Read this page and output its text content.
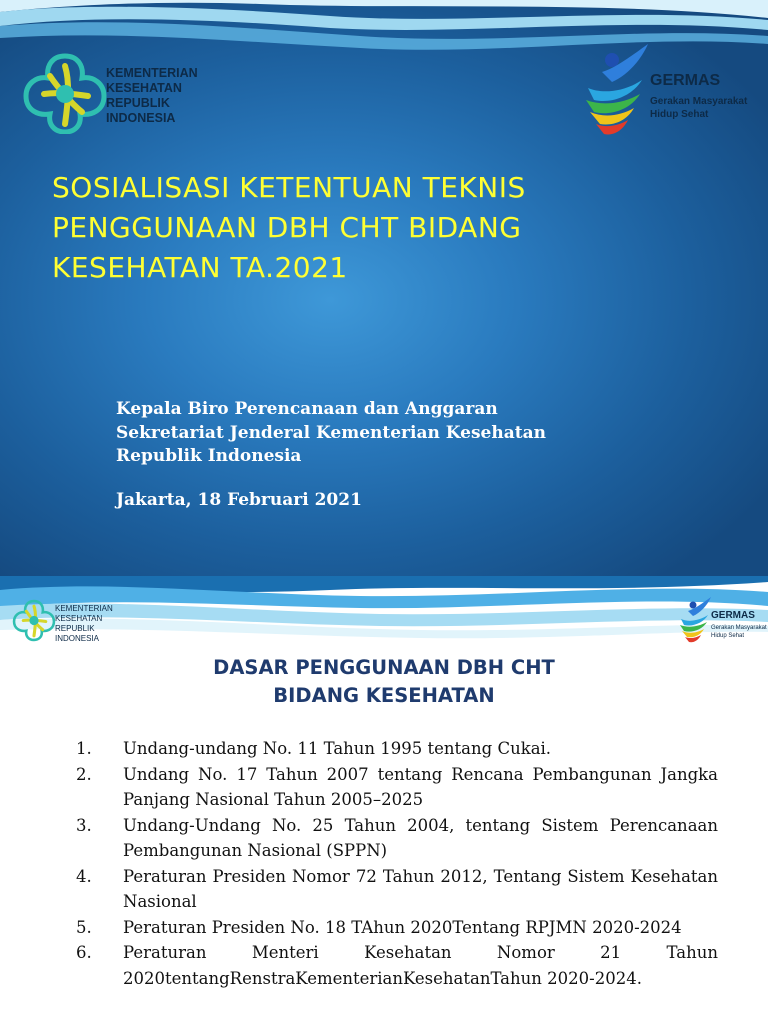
KEMENTERIAN
KESEHATAN
REPUBLIK
INDONESIA
GERMAS
Gerakan Masyarakat
Hidup Sehat
SOSIALISASI KETENTUAN TEKNIS
PENGGUNAAN DBH CHT BIDANG
KESEHATAN TA.2021
Kepala Biro Perencanaan dan Anggaran
Sekretariat Jenderal Kementerian Kesehatan
Republik Indonesia
Jakarta, 18 Februari 2021
KEMENTERIAN
KESEHATAN
REPUBLIK
INDONESIA
GERMAS
Gerakan Masyarakat
Hidup Sehat
DASAR PENGGUNAAN DBH CHT
BIDANG KESEHATAN
1. Undang-undang No. 11 Tahun 1995 tentang Cukai.
2. Undang No. 17 Tahun 2007 tentang Rencana Pembangunan Jangka Panjang Nasional Tahun 2005–2025
3. Undang-Undang No. 25 Tahun 2004, tentang Sistem Perencanaan Pembangunan Nasional (SPPN)
4. Peraturan Presiden Nomor 72 Tahun 2012, Tentang Sistem Kesehatan Nasional
5. Peraturan Presiden No. 18 TAhun 2020Tentang RPJMN 2020-2024
6. Peraturan Menteri Kesehatan Nomor 21 Tahun 2020tentangRenstraKementerianKesehatanTahun 2020-2024.
